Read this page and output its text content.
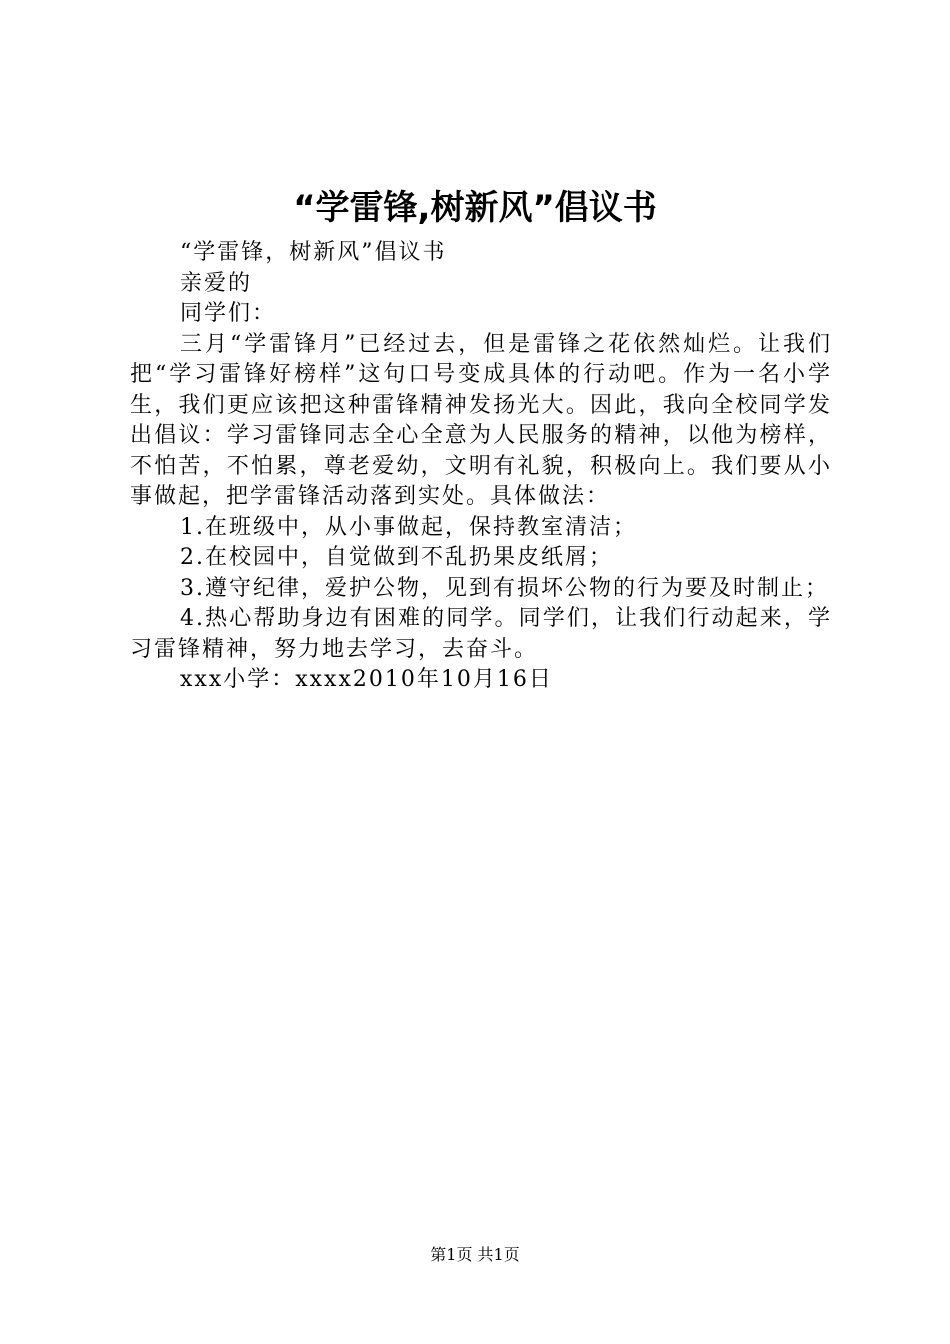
“学雷锋,树新风”倡议书

“学雷锋，树新风”倡议书

亲爱的

同学们：

三月“学雷锋月”已经过去，但是雷锋之花依然灿烂。让我们把“学习雷锋好榜样”这句口号变成具体的行动吧。作为一名小学生，我们更应该把这种雷锋精神发扬光大。因此，我向全校同学发出倡议：学习雷锋同志全心全意为人民服务的精神，以他为榜样，不怕苦，不怕累，尊老爱幼，文明有礼貌，积极向上。我们要从小事做起，把学雷锋活动落到实处。具体做法：

1.在班级中，从小事做起，保持教室清洁；

2.在校园中，自觉做到不乱扔果皮纸屑；

3.遵守纪律，爱护公物，见到有损坏公物的行为要及时制止；

4.热心帮助身边有困难的同学。同学们，让我们行动起来，学习雷锋精神，努力地去学习，去奋斗。

xxx小学：xxxx2010年10月16日

第1页 共1页
